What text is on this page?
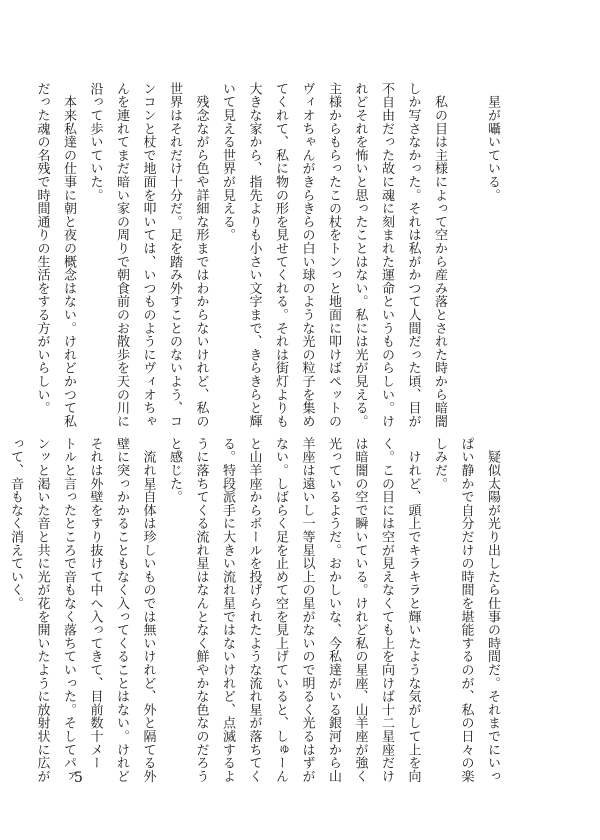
　星が囁いている。

　私の目は主様によって空から産み落とされた時から暗闇

しか写さなかった。それは私がかつて人間だった頃、目が

不自由だった故に魂に刻まれた運命というものらしい。け

れどそれを怖いと思ったことはない。私には光が見える。

主様からもらったこの杖をトンっと地面に叩けばペットの

ヴィオちゃんがきらきらの白い球のような光の粒子を集め

てくれて、私に物の形を見せてくれる。それは街灯よりも

大きな家から、指先よりも小さい文字まで、きらきらと輝

いて見える世界が見える。

　残念ながら色や詳細な形まではわからないけれど、私の

世界はそれだけ十分だ。足を踏み外すことのないよう、コ

ンコンと杖で地面を叩いては、いつものようにヴィオちゃ

んを連れてまだ暗い家の周りで朝食前のお散歩を天の川に

沿って歩いていた。

　本来私達の仕事に朝と夜の概念はない。けれどかつて私

だった魂の名残で時間通りの生活をする方がいらしい。

　疑似太陽が光り出したら仕事の時間だ。それまでにいっ

ぱい静かで自分だけの時間を堪能するのが、私の日々の楽

しみだ。

　けれど、頭上でキラキラと輝いたような気がして上を向

く。この目には空が見えなくても上を向けば十二星座だけ

は暗闇の空で瞬いている。けれど私の星座、山羊座が強く

光っているようだ。おかしいな、今私達がいる銀河から山

羊座は遠いし一等星以上の星がないので明るく光るはずが

ない。しばらく足を止めて空を見上げていると、しゅーん

と山羊座からボールを投げられたような流れ星が落ちてく

る。特段派手に大きい流れ星ではないけれど、点滅するよ

うに落ちてくる流れ星はなんとなく鮮やかな色なのだろう

と感じた。

　流れ星自体は珍しいものでは無いけれど、外と隔てる外

壁に突っかかることもなく入ってくることはない。けれど

それは外壁をすり抜けて中へ入ってきて、目前数十メー

トルと言ったところで音もなく落ちていった。そしてパァ

ンッと渇いた音と共に光が花を開いたように放射状に広が

って、音もなく消えていく。

5
